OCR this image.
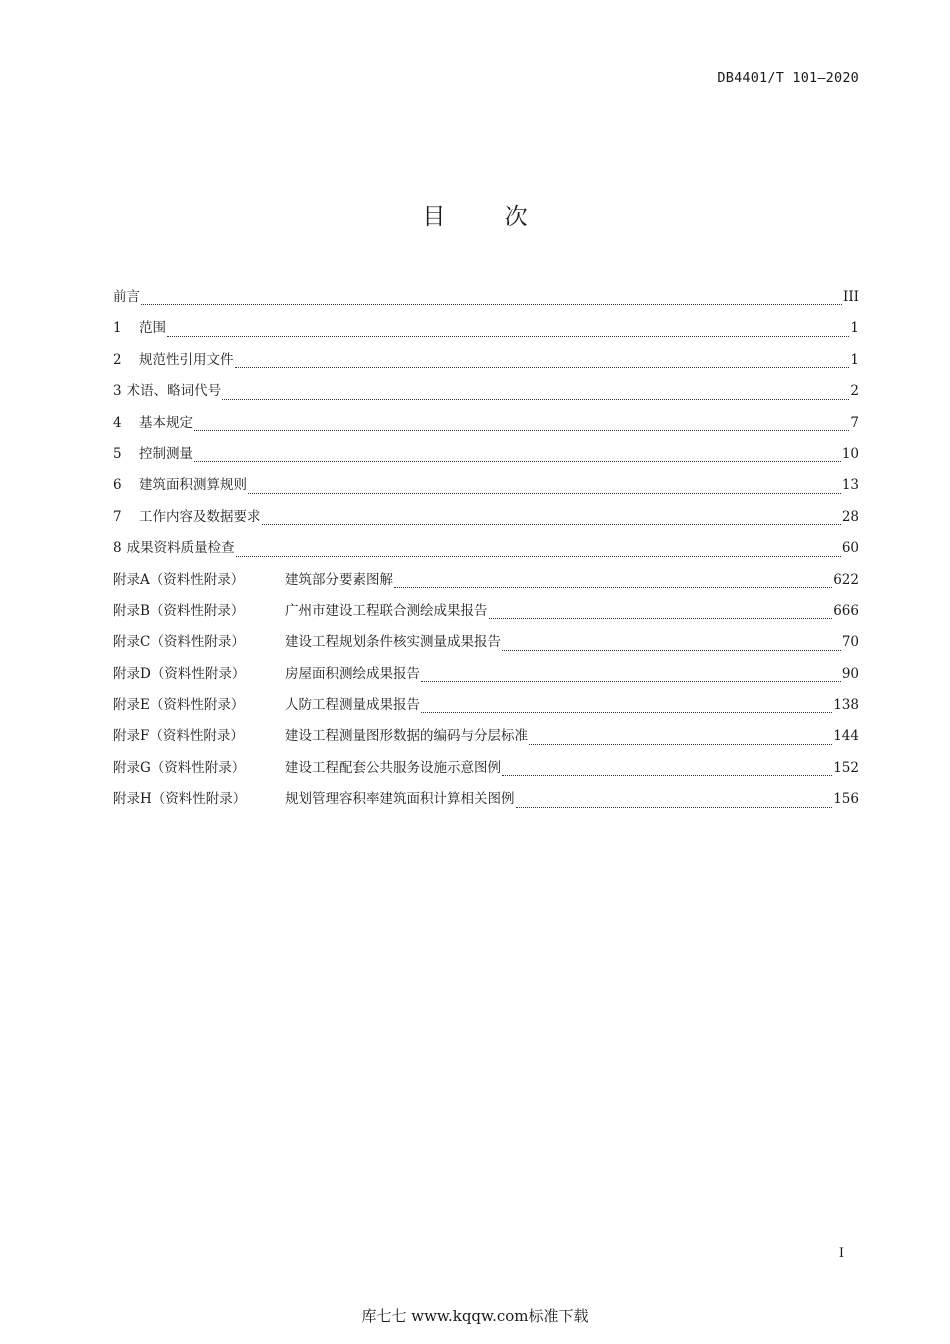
DB4401/T 101—2020
目 次
前言	III
1	范围	1
2	规范性引用文件	1
3 术语、略词代号	2
4	基本规定	7
5	控制测量	10
6	建筑面积测算规则	13
7	工作内容及数据要求	28
8 成果资料质量检查	60
附录A（资料性附录）	建筑部分要素图解	622
附录B（资料性附录）	广州市建设工程联合测绘成果报告	666
附录C（资料性附录）	建设工程规划条件核实测量成果报告	70
附录D（资料性附录）	房屋面积测绘成果报告	90
附录E（资料性附录）	人防工程测量成果报告	138
附录F（资料性附录）	建设工程测量图形数据的编码与分层标准	144
附录G（资料性附录）	建设工程配套公共服务设施示意图例	152
附录H（资料性附录）	规划管理容积率建筑面积计算相关图例	156
I
库七七 www.kqqw.com标准下载
